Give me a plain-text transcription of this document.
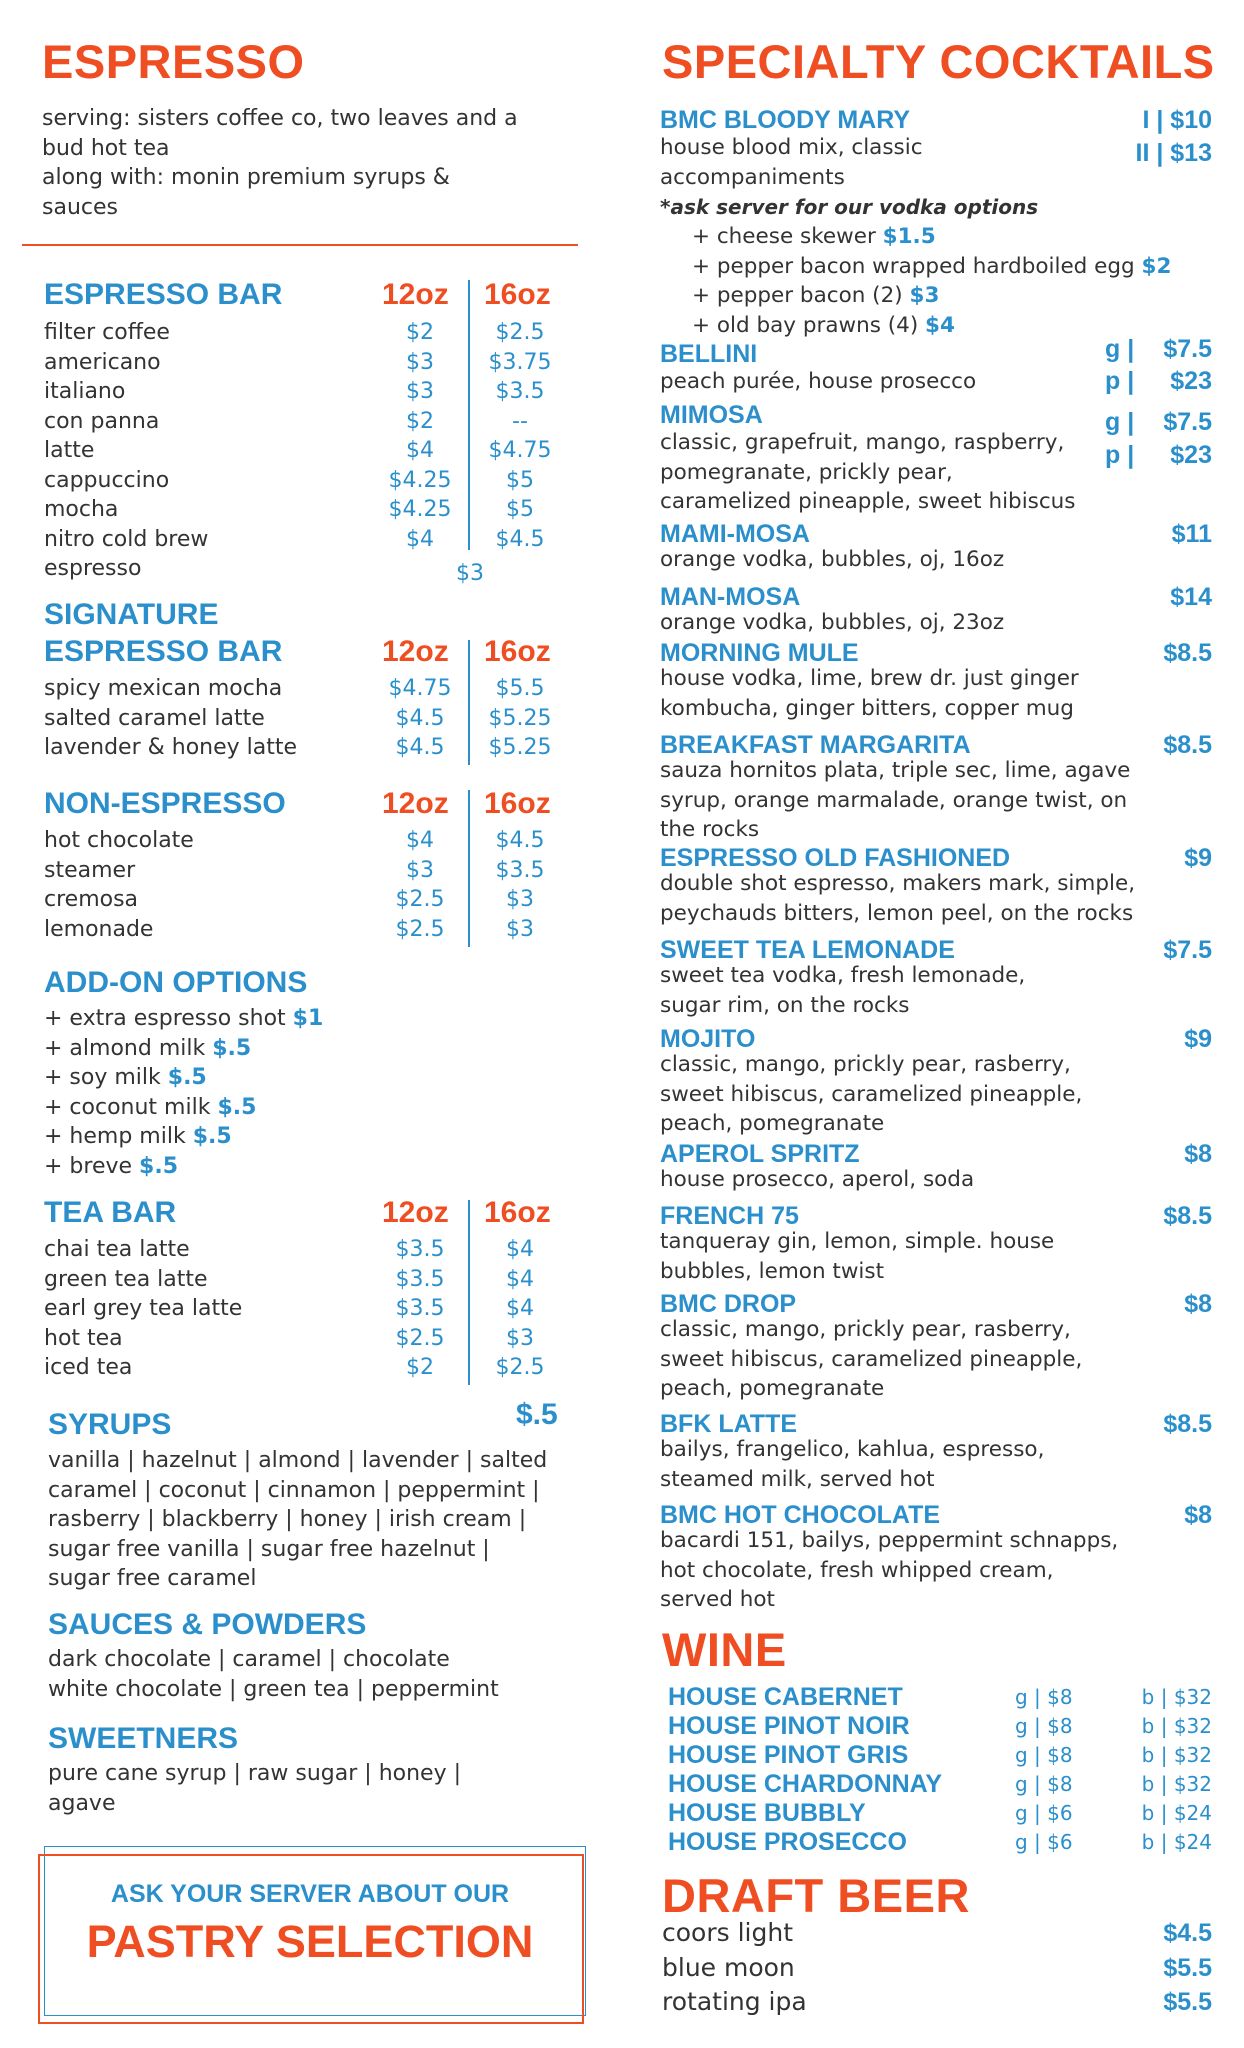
ESPRESSO
serving: sisters coffee co, two leaves and a
bud hot tea
along with: monin premium syrups &
sauces
ESPRESSO BAR	12oz 16oz
filter coffee	$2	$2.5
americano	$3	$3.75
italiano	$3	$3.5
con panna	$2	--
latte	$4	$4.75
cappuccino	$4.25	$5
mocha	$4.25	$5
nitro cold brew	$4	$4.5
espresso	$3
SIGNATURE
ESPRESSO BAR	12oz 16oz
spicy mexican mocha	$4.75	$5.5
salted caramel latte	$4.5	$5.25
lavender & honey latte	$4.5	$5.25
NON-ESPRESSO	12oz 16oz
hot chocolate	$4	$4.5
steamer	$3	$3.5
cremosa	$2.5	$3
lemonade	$2.5	$3
ADD-ON OPTIONS
+ extra espresso shot $1
+ almond milk $.5
+ soy milk $.5
+ coconut milk $.5
+ hemp milk $.5
+ breve $.5
TEA BAR	12oz 16oz
chai tea latte	$3.5	$4
green tea latte	$3.5	$4
earl grey tea latte	$3.5	$4
hot tea	$2.5	$3
iced tea	$2	$2.5
SYRUPS	$.5
vanilla | hazelnut | almond | lavender | salted
caramel | coconut | cinnamon | peppermint |
rasberry | blackberry | honey | irish cream |
sugar free vanilla | sugar free hazelnut |
sugar free caramel
SAUCES & POWDERS
dark chocolate | caramel | chocolate
white chocolate | green tea | peppermint
SWEETNERS
pure cane syrup | raw sugar | honey |
agave
ASK YOUR SERVER ABOUT OUR
PASTRY SELECTION
SPECIALTY COCKTAILS
BMC BLOODY MARY	I | $10
II | $13
house blood mix, classic
accompaniments
*ask server for our vodka options
+ cheese skewer $1.5
+ pepper bacon wrapped hardboiled egg $2
+ pepper bacon (2) $3
+ old bay prawns (4) $4
BELLINI
peach purée, house prosecco
g |	$7.5
p |	$23
MIMOSA
classic, grapefruit, mango, raspberry,
pomegranate, prickly pear,
caramelized pineapple, sweet hibiscus
g |	$7.5
p |	$23
MAMI-MOSA	$11
orange vodka, bubbles, oj, 16oz
MAN-MOSA	$14
orange vodka, bubbles, oj, 23oz
MORNING MULE	$8.5
house vodka, lime, brew dr. just ginger
kombucha, ginger bitters, copper mug
BREAKFAST MARGARITA	$8.5
sauza hornitos plata, triple sec, lime, agave
syrup, orange marmalade, orange twist, on
the rocks
ESPRESSO OLD FASHIONED	$9
double shot espresso, makers mark, simple,
peychauds bitters, lemon peel, on the rocks
SWEET TEA LEMONADE	$7.5
sweet tea vodka, fresh lemonade,
sugar rim, on the rocks
MOJITO	$9
classic, mango, prickly pear, rasberry,
sweet hibiscus, caramelized pineapple,
peach, pomegranate
APEROL SPRITZ	$8
house prosecco, aperol, soda
FRENCH 75	$8.5
tanqueray gin, lemon, simple. house
bubbles, lemon twist
BMC DROP	$8
classic, mango, prickly pear, rasberry,
sweet hibiscus, caramelized pineapple,
peach, pomegranate
BFK LATTE	$8.5
bailys, frangelico, kahlua, espresso,
steamed milk, served hot
BMC HOT CHOCOLATE	$8
bacardi 151, bailys, peppermint schnapps,
hot chocolate, fresh whipped cream,
served hot
WINE
HOUSE CABERNET	g | $8	b | $32
HOUSE PINOT NOIR	g | $8	b | $32
HOUSE PINOT GRIS	g | $8	b | $32
HOUSE CHARDONNAY	g | $8	b | $32
HOUSE BUBBLY	g | $6	b | $24
HOUSE PROSECCO	g | $6	b | $24
DRAFT BEER
coors light	$4.5
blue moon	$5.5
rotating ipa	$5.5
